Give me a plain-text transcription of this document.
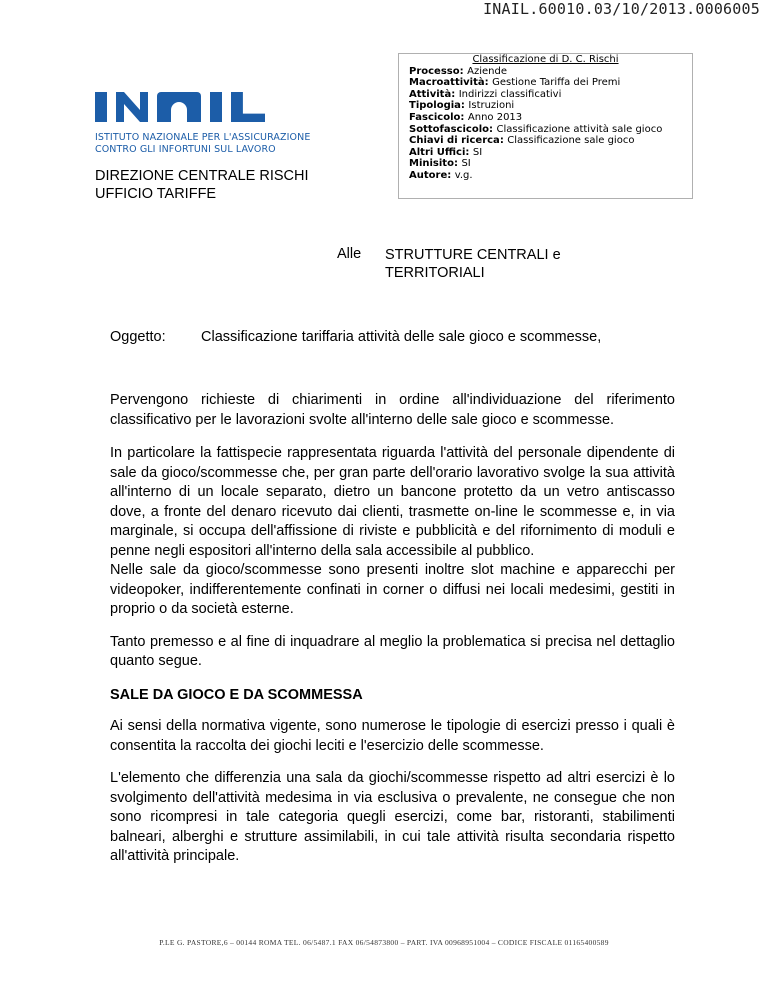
INAIL.60010.03/10/2013.0006005
Classificazione di D. C. Rischi
Processo: Aziende
Macroattività: Gestione Tariffa dei Premi
Attività: Indirizzi classificativi
Tipologia: Istruzioni
Fascicolo: Anno 2013
Sottofascicolo: Classificazione attività sale gioco
Chiavi di ricerca: Classificazione sale gioco
Altri Uffici: SI
Minisito: SI
Autore: v.g.
ISTITUTO NAZIONALE PER L'ASSICURAZIONE
CONTRO GLI INFORTUNI SUL LAVORO
DIREZIONE CENTRALE RISCHI
UFFICIO TARIFFE
Alle STRUTTURE CENTRALI e
TERRITORIALI
Oggetto: Classificazione tariffaria attività delle sale gioco e scommesse,

Pervengono richieste di chiarimenti in ordine all'individuazione del riferimento classificativo per le lavorazioni svolte all'interno delle sale gioco e scommesse.

In particolare la fattispecie rappresentata riguarda l'attività del personale dipendente di sale da gioco/scommesse che, per gran parte dell'orario lavorativo svolge la sua attività all'interno di un locale separato, dietro un bancone protetto da un vetro antiscasso dove, a fronte del denaro ricevuto dai clienti, trasmette on-line le scommesse e, in via marginale, si occupa dell'affissione di riviste e pubblicità e del rifornimento di moduli e penne negli espositori all'interno della sala accessibile al pubblico.

Nelle sale da gioco/scommesse sono presenti inoltre slot machine e apparecchi per videopoker, indifferentemente confinati in corner o diffusi nei locali medesimi, gestiti in proprio o da società esterne.

Tanto premesso e al fine di inquadrare al meglio la problematica si precisa nel dettaglio quanto segue.

SALE DA GIOCO E DA SCOMMESSA

Ai sensi della normativa vigente, sono numerose le tipologie di esercizi presso i quali è consentita la raccolta dei giochi leciti e l'esercizio delle scommesse.

L'elemento che differenzia una sala da giochi/scommesse rispetto ad altri esercizi è lo svolgimento dell'attività medesima in via esclusiva o prevalente, ne consegue che non sono ricompresi in tale categoria quegli esercizi, come bar, ristoranti, stabilimenti balneari, alberghi e strutture assimilabili, in cui tale attività risulta secondaria rispetto all'attività principale.

P.LE G. PASTORE,6 – 00144 ROMA TEL. 06/5487.1 FAX 06/54873800 – PART. IVA 00968951004 – CODICE FISCALE 01165400589
